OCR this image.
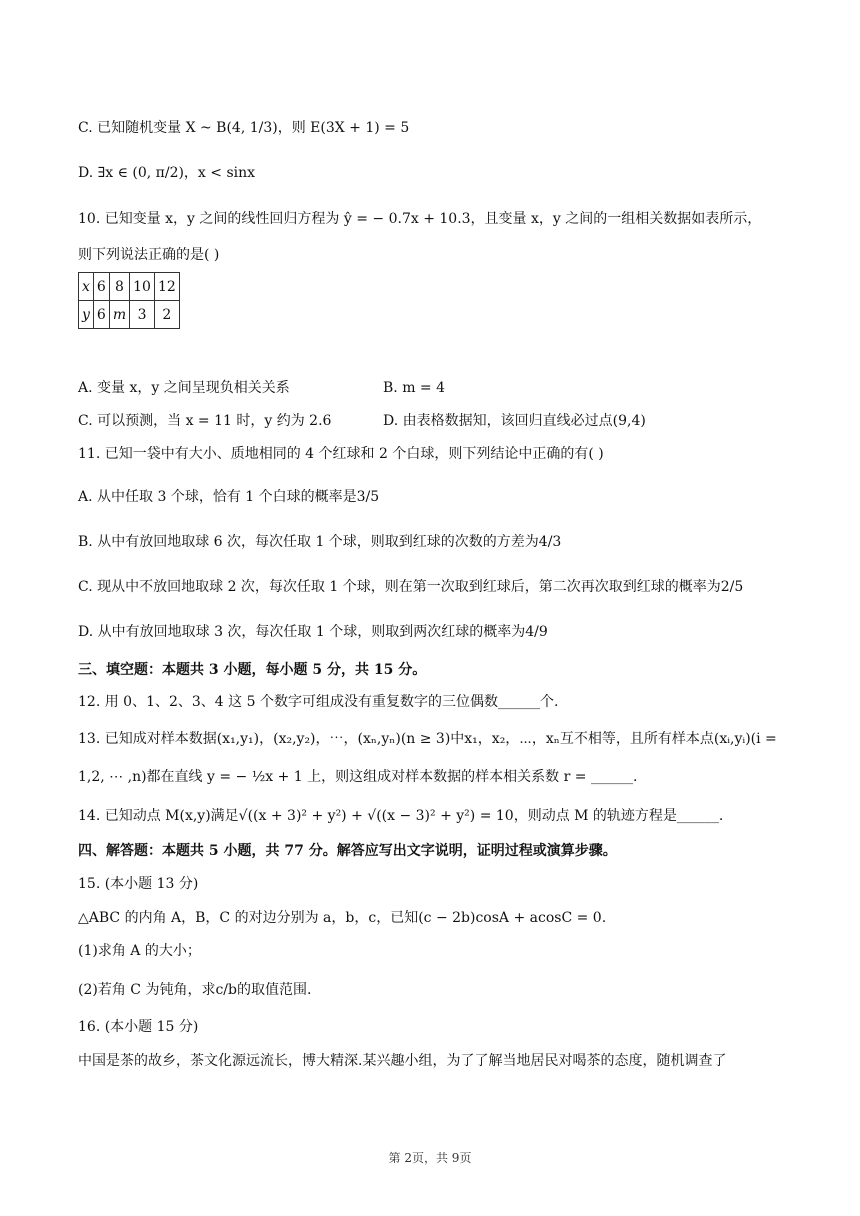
C. 已知随机变量 X ~ B(4, 1/3)，则 E(3X + 1) = 5
D. ∃x ∈ (0, π/2)，x < sinx
10. 已知变量 x，y 之间的线性回归方程为 ŷ = − 0.7x + 10.3，且变量 x，y 之间的一组相关数据如表所示，
则下列说法正确的是( )
x	6	8	10	12
y	6	m	3	2
A. 变量 x，y 之间呈现负相关关系	B. m = 4
C. 可以预测，当 x = 11 时，y 约为 2.6	D. 由表格数据知，该回归直线必过点(9,4)
11. 已知一袋中有大小、质地相同的 4 个红球和 2 个白球，则下列结论中正确的有( )
A. 从中任取 3 个球，恰有 1 个白球的概率是3/5
B. 从中有放回地取球 6 次，每次任取 1 个球，则取到红球的次数的方差为4/3
C. 现从中不放回地取球 2 次，每次任取 1 个球，则在第一次取到红球后，第二次再次取到红球的概率为2/5
D. 从中有放回地取球 3 次，每次任取 1 个球，则取到两次红球的概率为4/9
三、填空题：本题共 3 小题，每小题 5 分，共 15 分。
12. 用 0、1、2、3、4 这 5 个数字可组成没有重复数字的三位偶数______个.
13. 已知成对样本数据(x₁,y₁)，(x₂,y₂)，⋯，(xₙ,yₙ)(n ≥ 3)中x₁，x₂，⋯，xₙ互不相等，且所有样本点(xᵢ,yᵢ)(i =
1,2, ⋯ ,n)都在直线 y = − ½x + 1 上，则这组成对样本数据的样本相关系数 r = ______.
14. 已知动点 M(x,y)满足√((x + 3)² + y²) + √((x − 3)² + y²) = 10，则动点 M 的轨迹方程是______.
四、解答题：本题共 5 小题，共 77 分。解答应写出文字说明，证明过程或演算步骤。
15. (本小题 13 分)
△ABC 的内角 A，B，C 的对边分别为 a，b，c，已知(c − 2b)cosA + acosC = 0.
(1)求角 A 的大小；
(2)若角 C 为钝角，求c/b的取值范围.
16. (本小题 15 分)
中国是茶的故乡，茶文化源远流长，博大精深.某兴趣小组，为了了解当地居民对喝茶的态度，随机调查了
第 2页，共 9页
